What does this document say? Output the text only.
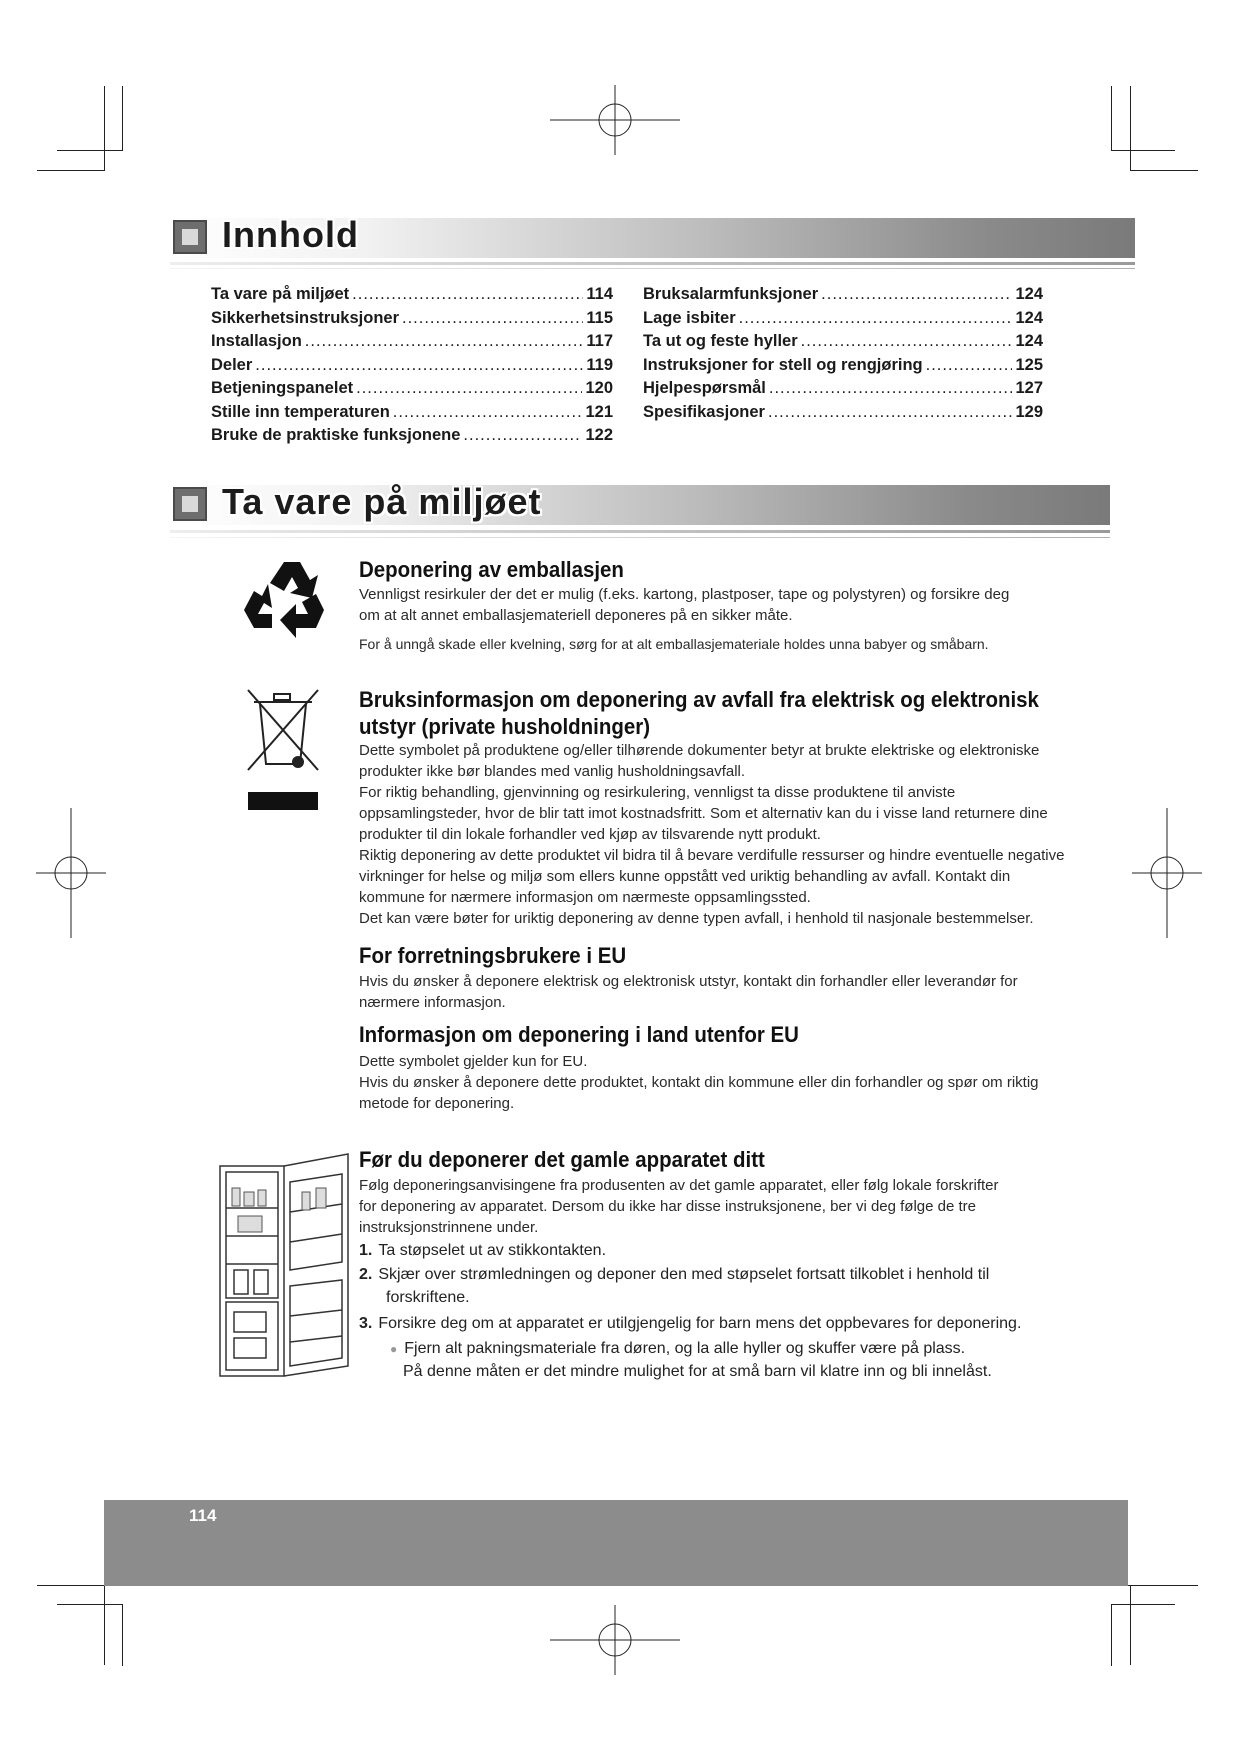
Innhold
Ta vare på miljøet .....	114
Sikkerhetsinstruksjoner .....	115
Installasjon .....	117
Deler .....	119
Betjeningspanelet .....	120
Stille inn temperaturen .....	121
Bruke de praktiske funksjonene .....	122
Bruksalarmfunksjoner .....	124
Lage isbiter .....	124
Ta ut og feste hyller .....	124
Instruksjoner for stell og rengjøring .....	125
Hjelpespørsmål .....	127
Spesifikasjoner .....	129
Ta vare på miljøet
Deponering av emballasjen
Vennligst resirkuler der det er mulig (f.eks. kartong, plastposer, tape og polystyren) og forsikre deg
om at alt annet emballasjemateriell deponeres på en sikker måte.
For å unngå skade eller kvelning, sørg for at alt emballasjemateriale holdes unna babyer og småbarn.
Bruksinformasjon om deponering av avfall fra elektrisk og elektronisk
utstyr (private husholdninger)
Dette symbolet på produktene og/eller tilhørende dokumenter betyr at brukte elektriske og elektroniske
produkter ikke bør blandes med vanlig husholdningsavfall.
For riktig behandling, gjenvinning og resirkulering, vennligst ta disse produktene til anviste
oppsamlingsteder, hvor de blir tatt imot kostnadsfritt. Som et alternativ kan du i visse land returnere dine
produkter til din lokale forhandler ved kjøp av tilsvarende nytt produkt.
Riktig deponering av dette produktet vil bidra til å bevare verdifulle ressurser og hindre eventuelle negative
virkninger for helse og miljø som ellers kunne oppstått ved uriktig behandling av avfall. Kontakt din
kommune for nærmere informasjon om nærmeste oppsamlingssted.
Det kan være bøter for uriktig deponering av denne typen avfall, i henhold til nasjonale bestemmelser.
For forretningsbrukere i EU
Hvis du ønsker å deponere elektrisk og elektronisk utstyr, kontakt din forhandler eller leverandør for
nærmere informasjon.
Informasjon om deponering i land utenfor EU
Dette symbolet gjelder kun for EU.
Hvis du ønsker å deponere dette produktet, kontakt din kommune eller din forhandler og spør om riktig
metode for deponering.
Før du deponerer det gamle apparatet ditt
Følg deponeringsanvisingene fra produsenten av det gamle apparatet, eller følg lokale forskrifter
for deponering av apparatet. Dersom du ikke har disse instruksjonene, ber vi deg følge de tre
instruksjonstrinnene under.
1. Ta støpselet ut av stikkontakten.
2. Skjær over strømledningen og deponer den med støpselet fortsatt tilkoblet i henhold til
forskriftene.
3. Forsikre deg om at apparatet er utilgjengelig for barn mens det oppbevares for deponering.
● Fjern alt pakningsmateriale fra døren, og la alle hyller og skuffer være på plass.
På denne måten er det mindre mulighet for at små barn vil klatre inn og bli innelåst.
114
